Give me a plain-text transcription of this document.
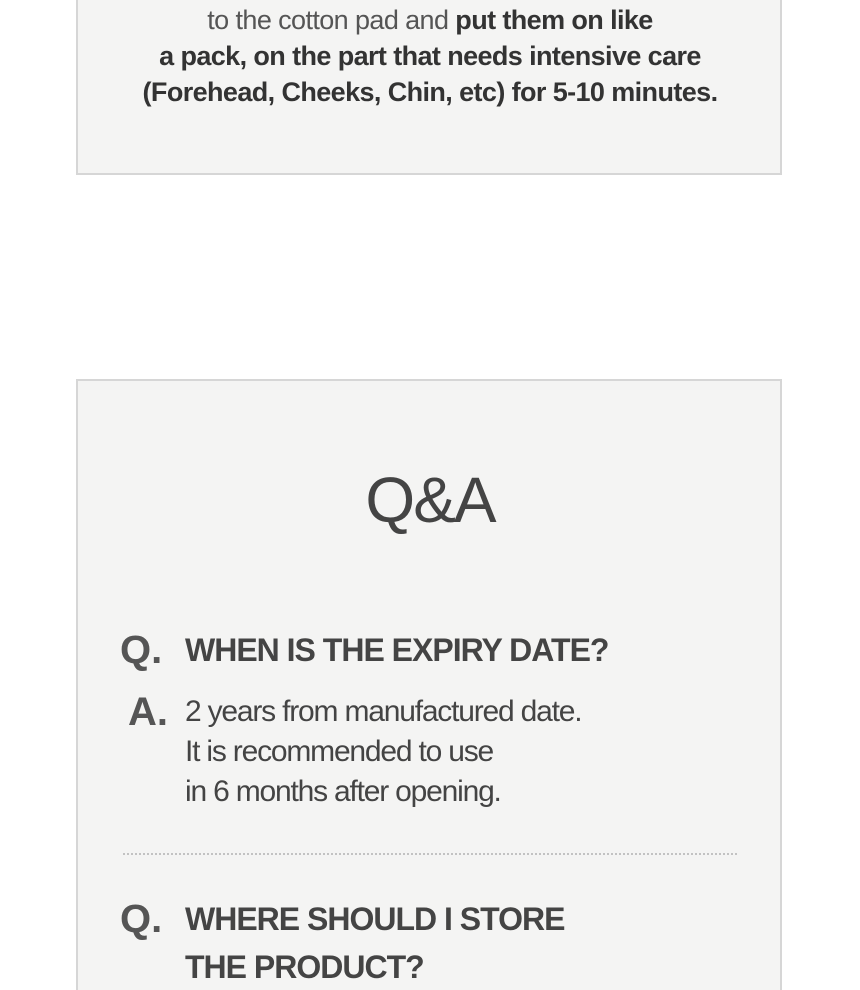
to the cotton pad and put them on like
a pack, on the part that needs intensive care
(Forehead, Cheeks, Chin, etc) for 5-10 minutes.
Q&A
Q. WHEN IS THE EXPIRY DATE?
A. 2 years from manufactured date.
It is recommended to use
in 6 months after opening.
Q. WHERE SHOULD I STORE
THE PRODUCT?
